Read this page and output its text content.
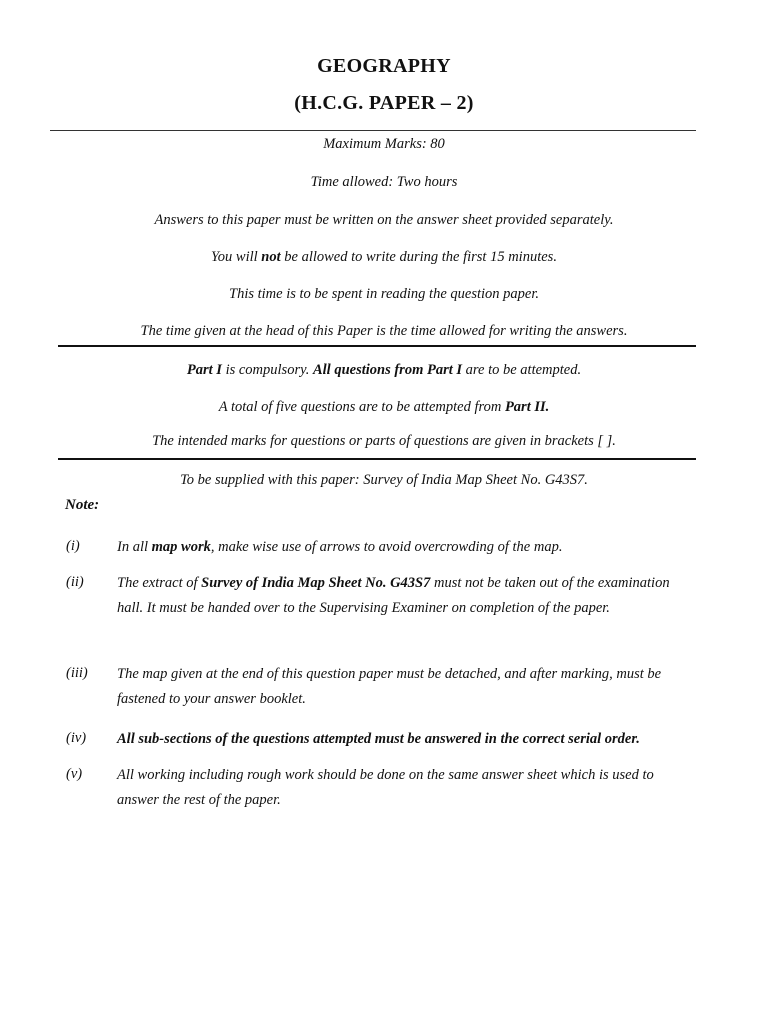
GEOGRAPHY
(H.C.G. PAPER – 2)
Maximum Marks: 80
Time allowed: Two hours
Answers to this paper must be written on the answer sheet provided separately.
You will not be allowed to write during the first 15 minutes.
This time is to be spent in reading the question paper.
The time given at the head of this Paper is the time allowed for writing the answers.
Part I is compulsory. All questions from Part I are to be attempted.
A total of five questions are to be attempted from Part II.
The intended marks for questions or parts of questions are given in brackets [ ].
To be supplied with this paper: Survey of India Map Sheet No. G43S7.
Note:
(i)	In all map work, make wise use of arrows to avoid overcrowding of the map.
(ii) The extract of Survey of India Map Sheet No. G43S7 must not be taken out of the examination hall. It must be handed over to the Supervising Examiner on completion of the paper.
(iii) The map given at the end of this question paper must be detached, and after marking, must be fastened to your answer booklet.
(iv) All sub-sections of the questions attempted must be answered in the correct serial order.
(v) All working including rough work should be done on the same answer sheet which is used to answer the rest of the paper.
